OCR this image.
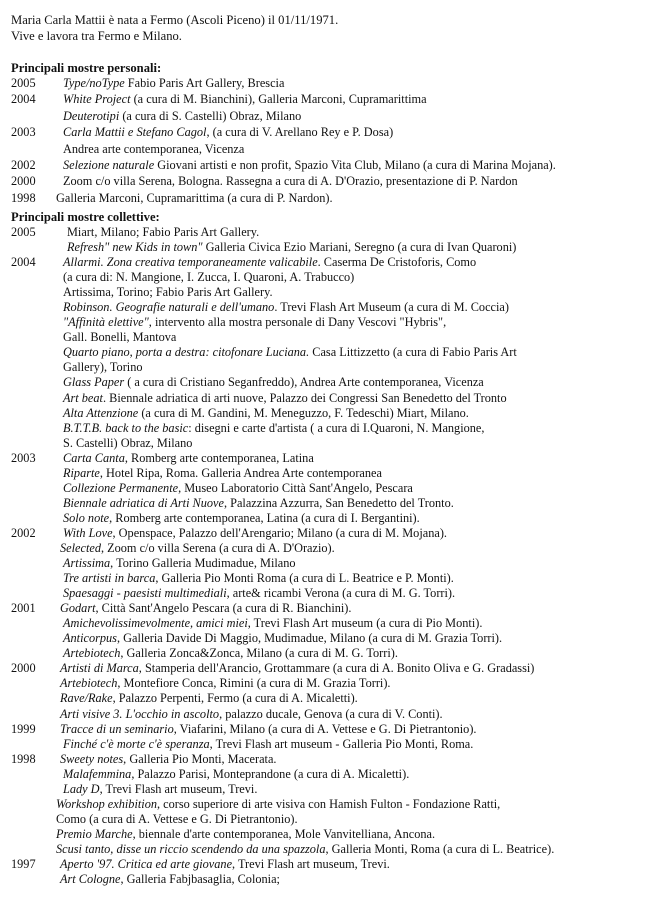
Maria Carla Mattii è nata a Fermo (Ascoli Piceno) il 01/11/1971.
Vive e lavora tra Fermo e Milano.
Principali mostre personali:
2005 Type/noType Fabio Paris Art Gallery, Brescia
2004 White Project (a cura di M. Bianchini), Galleria Marconi, Cupramarittima
Deuterotipi (a cura di S. Castelli) Obraz, Milano
2003 Carla Mattii e Stefano Cagol, (a cura di V. Arellano Rey e P. Dosa)
Andrea arte contemporanea, Vicenza
2002 Selezione naturale Giovani artisti e non profit, Spazio Vita Club, Milano (a cura di Marina Mojana).
2000 Zoom c/o villa Serena, Bologna. Rassegna a cura di A. D'Orazio, presentazione di P. Nardon
1998 Galleria Marconi, Cupramarittima (a cura di P. Nardon).
Principali mostre collettive:
2005	Miart, Milano; Fabio Paris Art Gallery.
Refresh" new Kids in town" Galleria Civica Ezio Mariani, Seregno (a cura di Ivan Quaroni)
2004 Allarmi. Zona creativa temporaneamente valicabile. Caserma De Cristoforis, Como
(a cura di: N. Mangione, I. Zucca, I. Quaroni, A. Trabucco)
Artissima, Torino; Fabio Paris Art Gallery.
Robinson. Geografie naturali e dell'umano. Trevi Flash Art Museum (a cura di M. Coccia)
"Affinità elettive", intervento alla mostra personale di Dany Vescovi "Hybris",
Gall. Bonelli, Mantova
Quarto piano, porta a destra: citofonare Luciana. Casa Littizzetto (a cura di Fabio Paris Art
Gallery), Torino
Glass Paper ( a cura di Cristiano Seganfreddo), Andrea Arte contemporanea, Vicenza
Art beat. Biennale adriatica di arti nuove, Palazzo dei Congressi San Benedetto del Tronto
Alta Attenzione (a cura di M. Gandini, M. Meneguzzo, F. Tedeschi) Miart, Milano.
B.T.T.B. back to the basic: disegni e carte d'artista ( a cura di I.Quaroni, N. Mangione,
S. Castelli) Obraz, Milano
2003 Carta Canta, Romberg arte contemporanea, Latina
Riparte, Hotel Ripa, Roma. Galleria Andrea Arte contemporanea
Collezione Permanente, Museo Laboratorio Città Sant'Angelo, Pescara
Biennale adriatica di Arti Nuove, Palazzina Azzurra, San Benedetto del Tronto.
Solo note, Romberg arte contemporanea, Latina (a cura di I. Bergantini).
2002 With Love, Openspace, Palazzo dell'Arengario; Milano (a cura di M. Mojana).
Selected, Zoom c/o villa Serena (a cura di A. D'Orazio).
Artissima, Torino Galleria Mudimadue, Milano
Tre artisti in barca, Galleria Pio Monti Roma (a cura di L. Beatrice e P. Monti).
Spaesaggi - paesisti multimediali, arte& ricambi Verona (a cura di M. G. Torri).
2001 Godart, Città Sant'Angelo Pescara (a cura di R. Bianchini).
Amichevolissimevolmente, amici miei, Trevi Flash Art museum (a cura di Pio Monti).
Anticorpus, Galleria Davide Di Maggio, Mudimadue, Milano (a cura di M. Grazia Torri).
Artebiotech, Galleria Zonca&Zonca, Milano (a cura di M. G. Torri).
2000 Artisti di Marca, Stamperia dell'Arancio, Grottammare (a cura di A. Bonito Oliva e G. Gradassi)
Artebiotech, Montefiore Conca, Rimini (a cura di M. Grazia Torri).
Rave/Rake, Palazzo Perpenti, Fermo (a cura di A. Micaletti).
Arti visive 3. L'occhio in ascolto, palazzo ducale, Genova (a cura di V. Conti).
1999 Tracce di un seminario, Viafarini, Milano (a cura di A. Vettese e G. Di Pietrantonio).
Finché c'è morte c'è speranza, Trevi Flash art museum - Galleria Pio Monti, Roma.
1998 Sweety notes, Galleria Pio Monti, Macerata.
Malafemmina, Palazzo Parisi, Monteprandone (a cura di A. Micaletti).
Lady D, Trevi Flash art museum, Trevi.
Workshop exhibition, corso superiore di arte visiva con Hamish Fulton - Fondazione Ratti,
Como (a cura di A. Vettese e G. Di Pietrantonio).
Premio Marche, biennale d'arte contemporanea, Mole Vanvitelliana, Ancona.
Scusi tanto, disse un riccio scendendo da una spazzola, Galleria Monti, Roma (a cura di L. Beatrice).
1997 Aperto '97. Critica ed arte giovane, Trevi Flash art museum, Trevi.
Art Cologne, Galleria Fabjbasaglia, Colonia;
